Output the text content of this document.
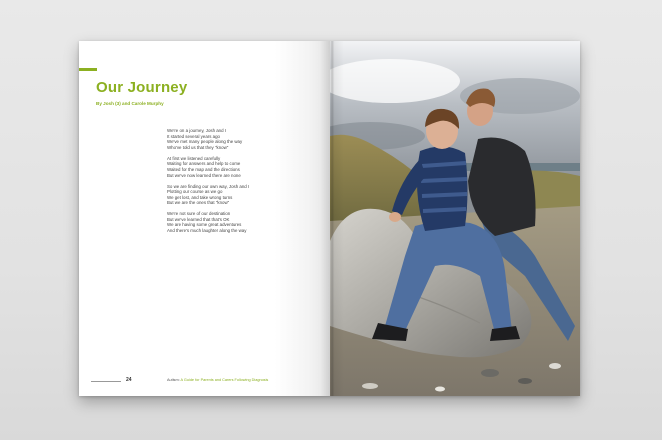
Our Journey
By Josh (3) and Carole Murphy
We're on a journey, Josh and I
It started several years ago
We've met many people along the way
Who've told us that they "know"
At first we listened carefully
Waiting for answers and help to come
Waited for the map and the directions
But we've now learned there are none
So we are finding our own way, Josh and I
Plotting our course as we go
We get lost, and take wrong turns
But we are the ones that "know"
We're not sure of our destination
But we've learned that that's OK
We are having some great adventures
And there's much laughter along the way
24	Autism: A Guide for Parents and Carers Following Diagnosis
